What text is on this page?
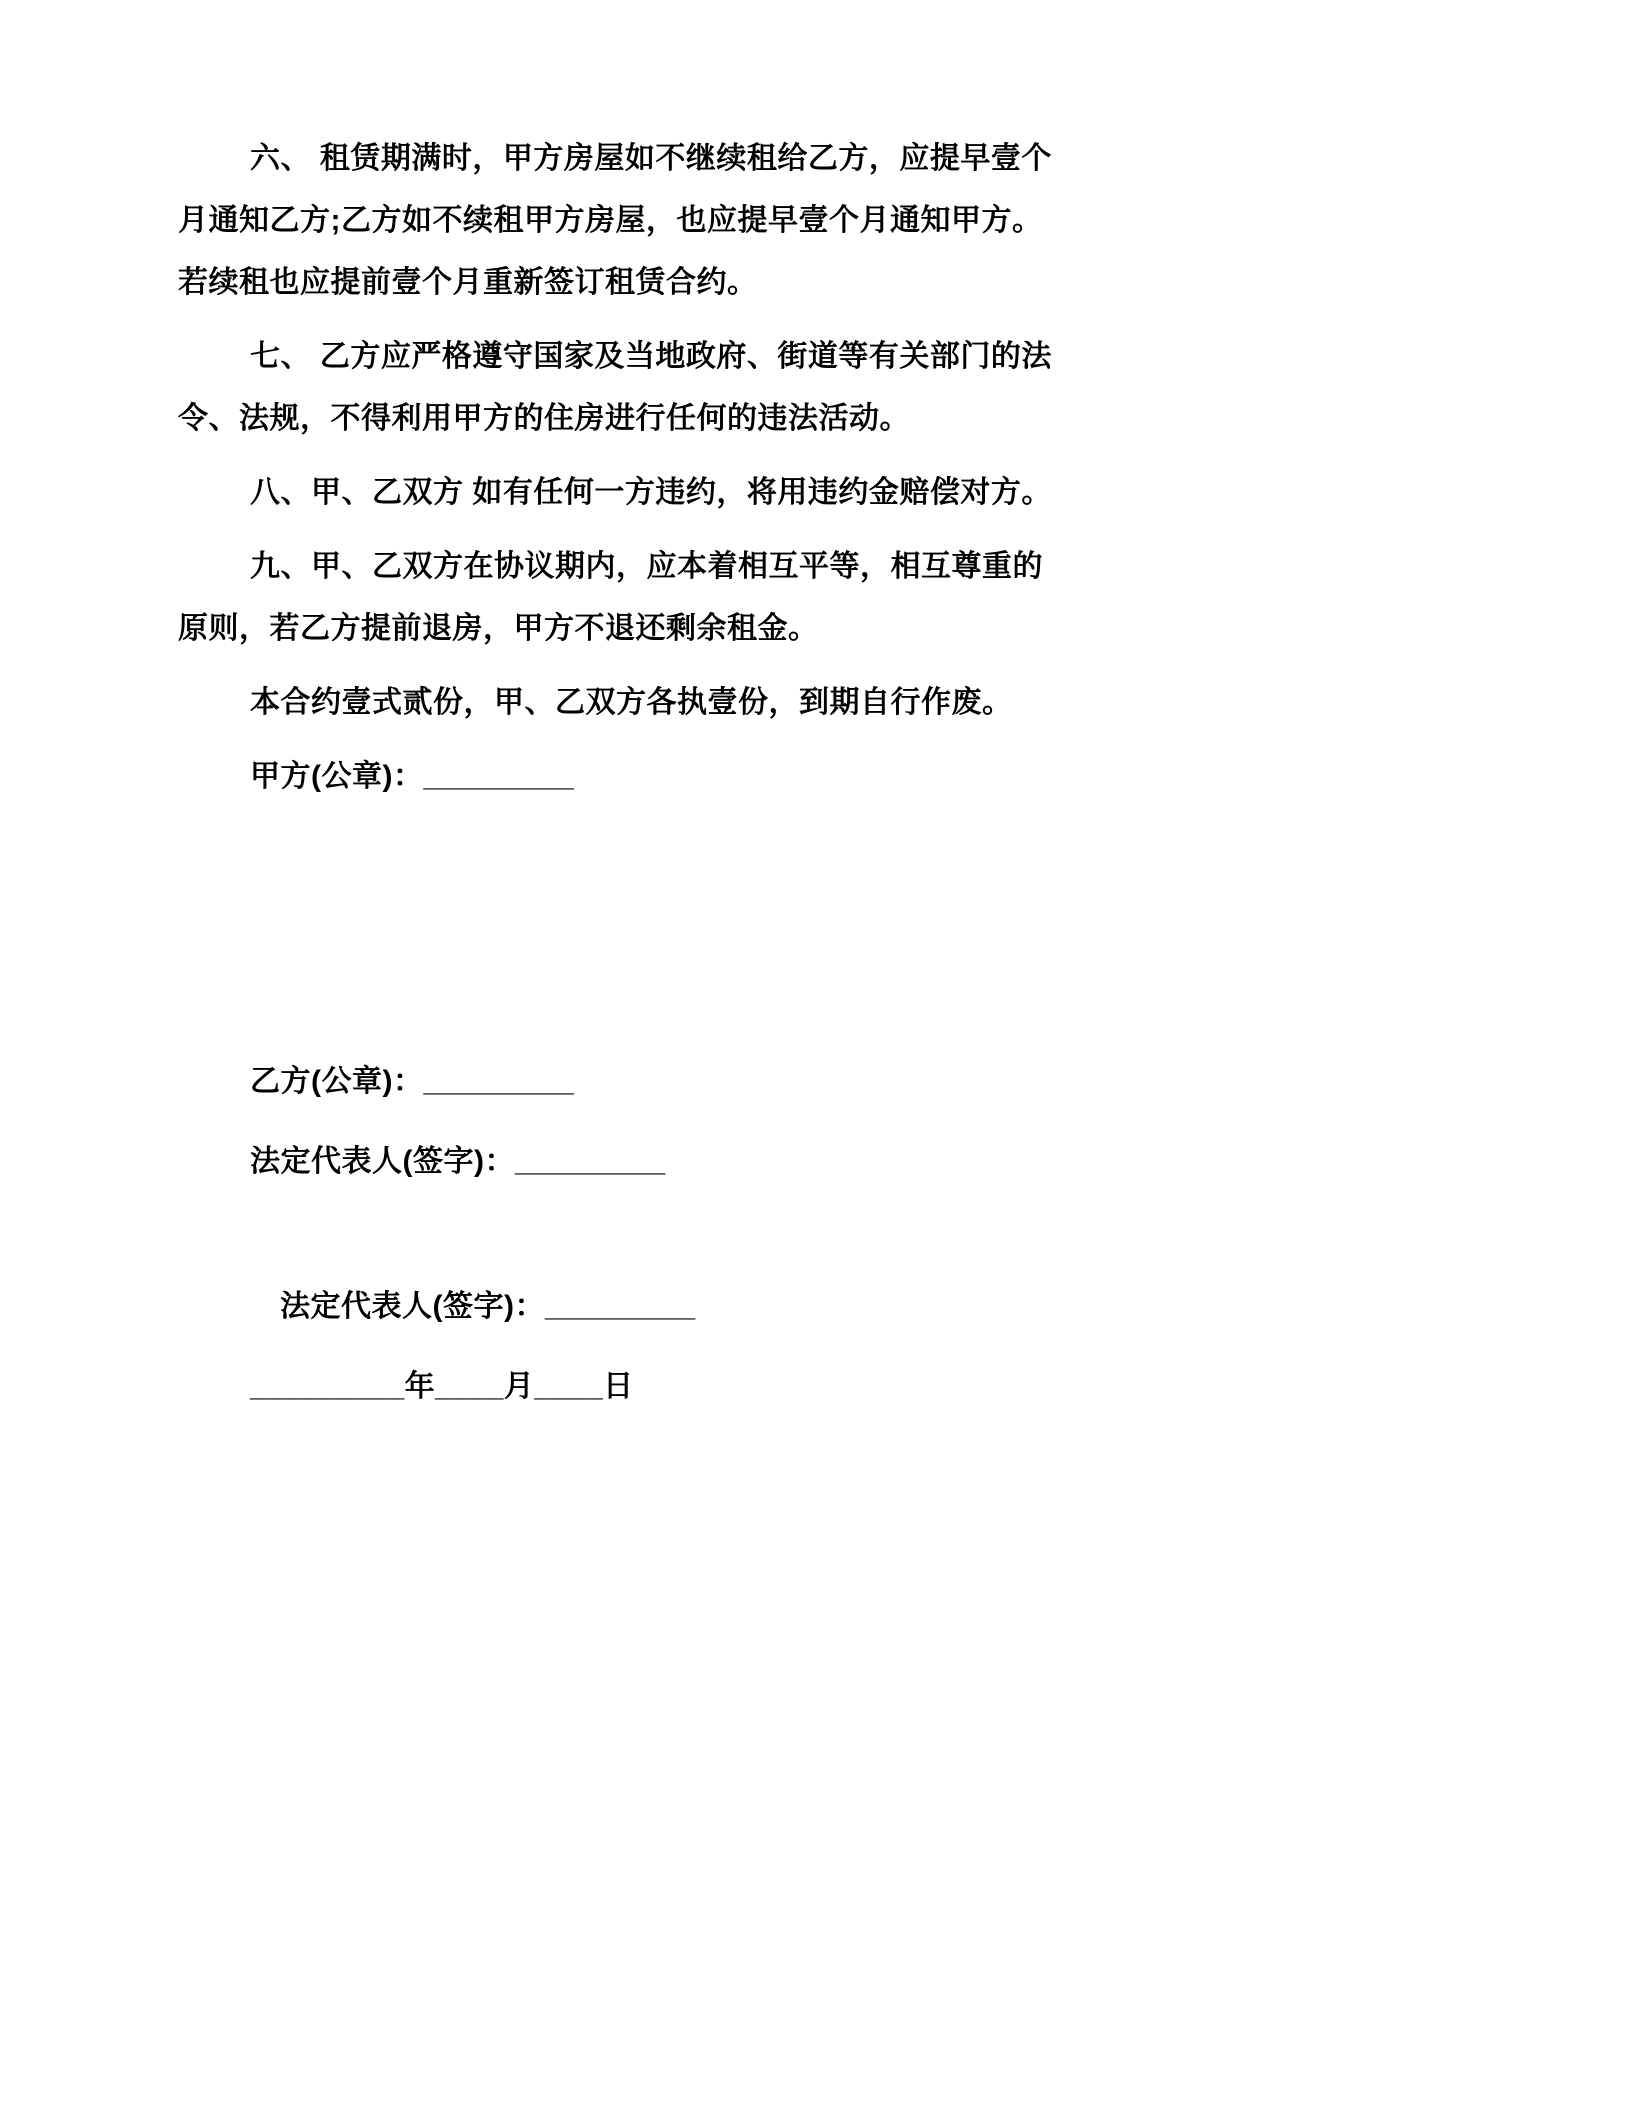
六、 租赁期满时，甲方房屋如不继续租给乙方，应提早壹个月通知乙方;乙方如不续租甲方房屋，也应提早壹个月通知甲方。若续租也应提前壹个月重新签订租赁合约。

七、 乙方应严格遵守国家及当地政府、街道等有关部门的法令、法规，不得利用甲方的住房进行任何的违法活动。

八、甲、乙双方 如有任何一方违约，将用违约金赔偿对方。

九、甲、乙双方在协议期内，应本着相互平等，相互尊重的原则，若乙方提前退房，甲方不退还剩余租金。

本合约壹式贰份，甲、乙双方各执壹份，到期自行作废。

甲方(公章)：_________

乙方(公章)：_________

法定代表人(签字)：_________

法定代表人(签字)：_________

_________年____月____日
